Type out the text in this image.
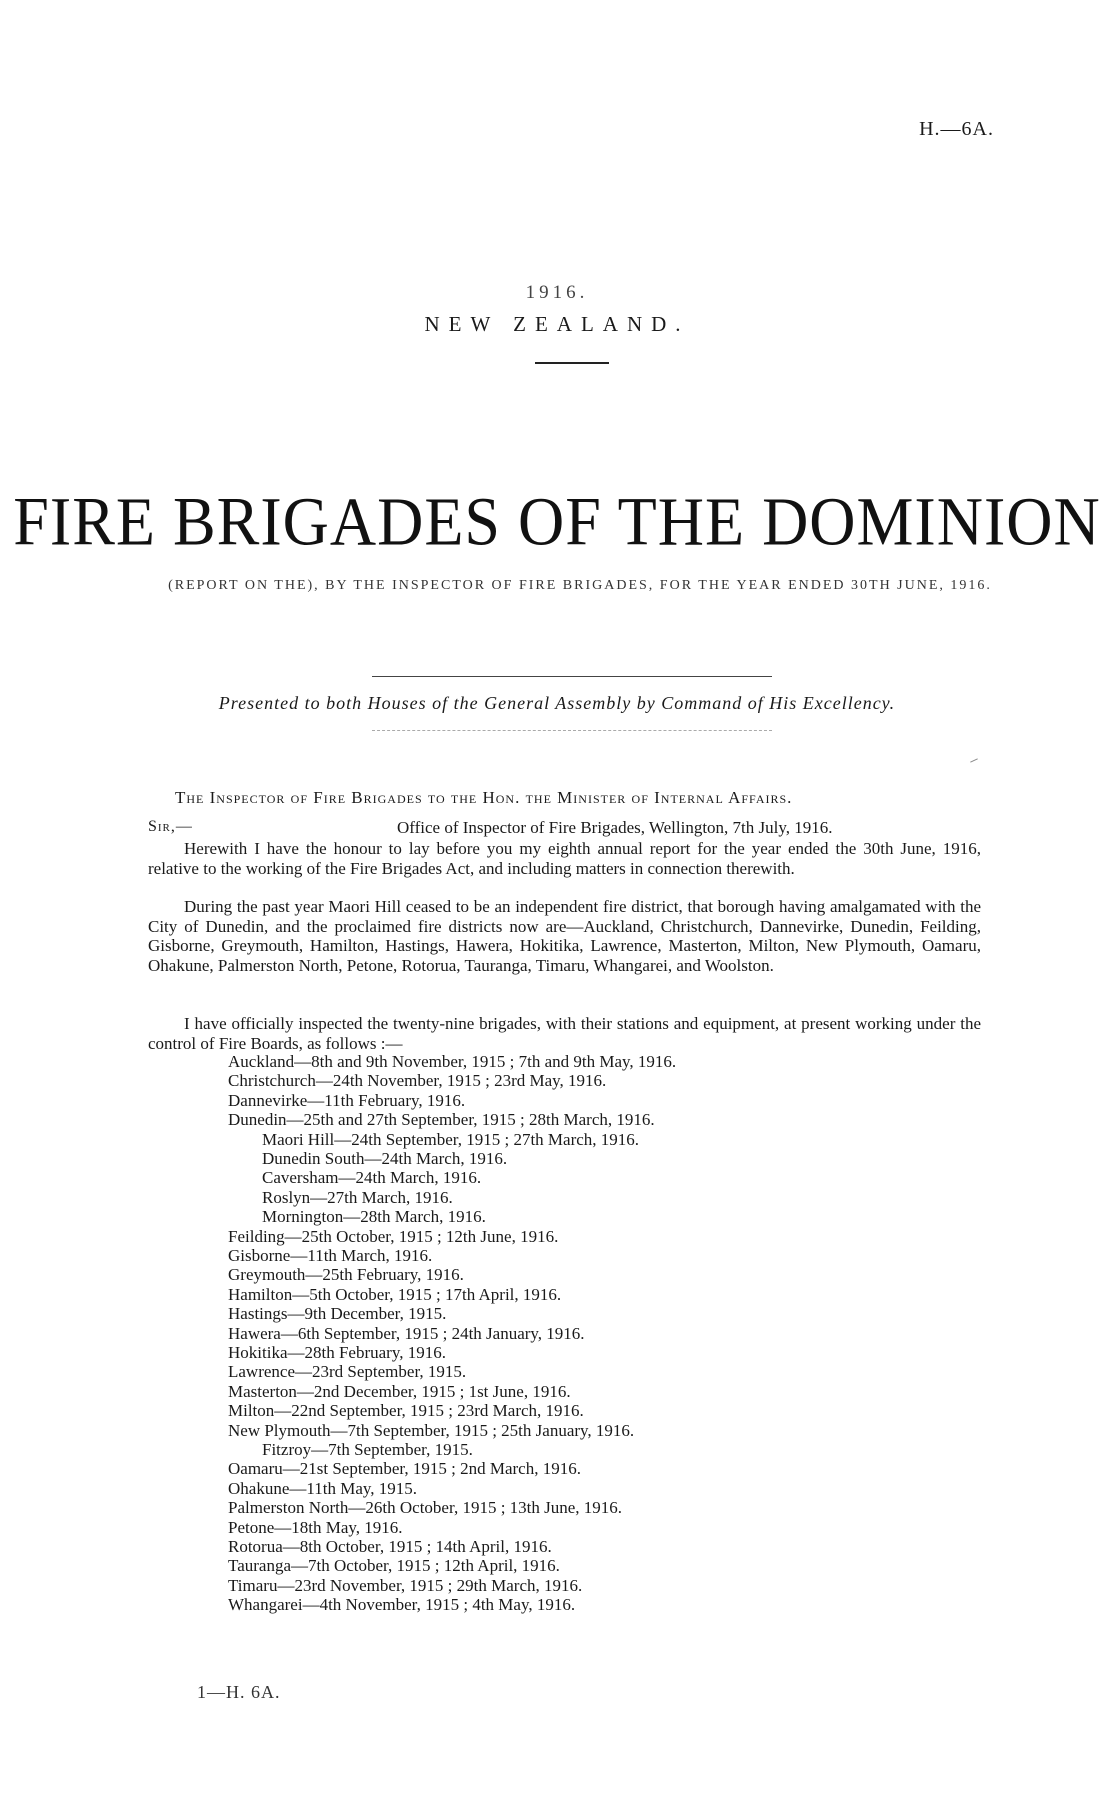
H.—6A.
1916.
NEW ZEALAND.
FIRE BRIGADES OF THE DOMINION
(REPORT ON THE), BY THE INSPECTOR OF FIRE BRIGADES, FOR THE YEAR ENDED 30TH JUNE, 1916.
Presented to both Houses of the General Assembly by Command of His Excellency.
The Inspector of Fire Brigades to the Hon. the Minister of Internal Affairs.
Sir,—	Office of Inspector of Fire Brigades, Wellington, 7th July, 1916.

Herewith I have the honour to lay before you my eighth annual report for the year ended the 30th June, 1916, relative to the working of the Fire Brigades Act, and including matters in connection therewith.

During the past year Maori Hill ceased to be an independent fire district, that borough having amalgamated with the City of Dunedin, and the proclaimed fire districts now are—Auckland, Christchurch, Dannevirke, Dunedin, Feilding, Gisborne, Greymouth, Hamilton, Hastings, Hawera, Hokitika, Lawrence, Masterton, Milton, New Plymouth, Oamaru, Ohakune, Palmerston North, Petone, Rotorua, Tauranga, Timaru, Whangarei, and Woolston.

I have officially inspected the twenty-nine brigades, with their stations and equipment, at present working under the control of Fire Boards, as follows :—

Auckland—8th and 9th November, 1915 ; 7th and 9th May, 1916.
Christchurch—24th November, 1915 ; 23rd May, 1916.
Dannevirke—11th February, 1916.
Dunedin—25th and 27th September, 1915 ; 28th March, 1916.
Maori Hill—24th September, 1915 ; 27th March, 1916.
Dunedin South—24th March, 1916.
Caversham—24th March, 1916.
Roslyn—27th March, 1916.
Mornington—28th March, 1916.
Feilding—25th October, 1915 ; 12th June, 1916.
Gisborne—11th March, 1916.
Greymouth—25th February, 1916.
Hamilton—5th October, 1915 ; 17th April, 1916.
Hastings—9th December, 1915.
Hawera—6th September, 1915 ; 24th January, 1916.
Hokitika—28th February, 1916.
Lawrence—23rd September, 1915.
Masterton—2nd December, 1915 ; 1st June, 1916.
Milton—22nd September, 1915 ; 23rd March, 1916.
New Plymouth—7th September, 1915 ; 25th January, 1916.
Fitzroy—7th September, 1915.
Oamaru—21st September, 1915 ; 2nd March, 1916.
Ohakune—11th May, 1915.
Palmerston North—26th October, 1915 ; 13th June, 1916.
Petone—18th May, 1916.
Rotorua—8th October, 1915 ; 14th April, 1916.
Tauranga—7th October, 1915 ; 12th April, 1916.
Timaru—23rd November, 1915 ; 29th March, 1916.
Whangarei—4th November, 1915 ; 4th May, 1916.
1—H. 6A.
